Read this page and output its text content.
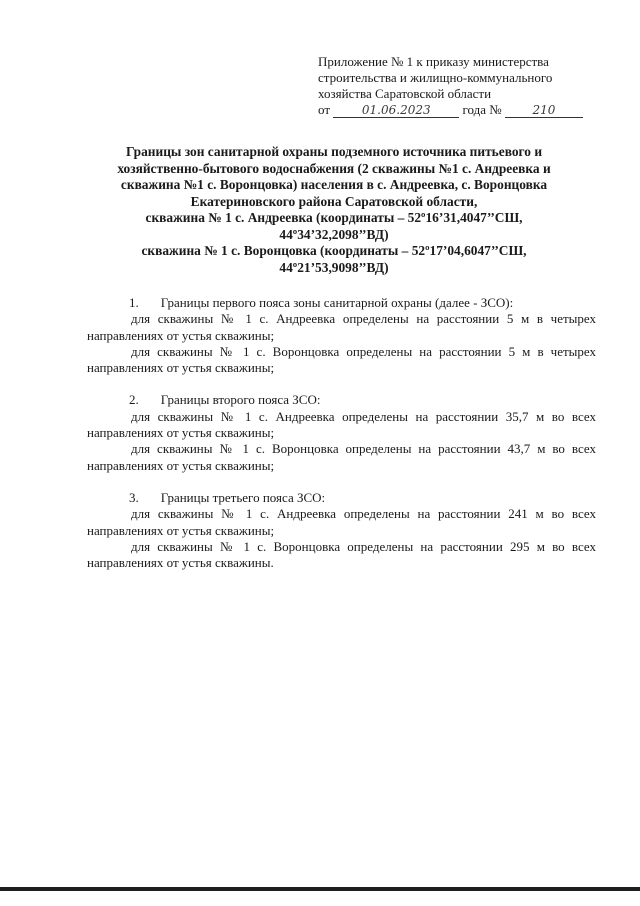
Приложение № 1 к приказу министерства
строительства и жилищно-коммунального
хозяйства Саратовской области
от	01.06.2023 года №	210
Границы зон санитарной охраны подземного источника питьевого и
хозяйственно-бытового водоснабжения (2 скважины №1 с. Андреевка и
скважина №1 с. Воронцовка) населения в с. Андреевка, с. Воронцовка
Екатериновского района Саратовской области,
скважина № 1 с. Андреевка (координаты – 52º16’31,4047’’СШ,
44º34’32,2098’’ВД)
скважина № 1 с. Воронцовка (координаты – 52º17’04,6047’’СШ,
44º21’53,9098’’ВД)
1. Границы первого пояса зоны санитарной охраны (далее - ЗСО):
для скважины № 1 с. Андреевка определены на расстоянии 5 м в четырех направлениях от устья скважины;
для скважины № 1 с. Воронцовка определены на расстоянии 5 м в четырех направлениях от устья скважины;
2. Границы второго пояса ЗСО:
для скважины № 1 с. Андреевка определены на расстоянии 35,7 м во всех направлениях от устья скважины;
для скважины № 1 с. Воронцовка определены на расстоянии 43,7 м во всех направлениях от устья скважины;
3. Границы третьего пояса ЗСО:
для скважины № 1 с. Андреевка определены на расстоянии 241 м во всех направлениях от устья скважины;
для скважины № 1 с. Воронцовка определены на расстоянии 295 м во всех направлениях от устья скважины.
